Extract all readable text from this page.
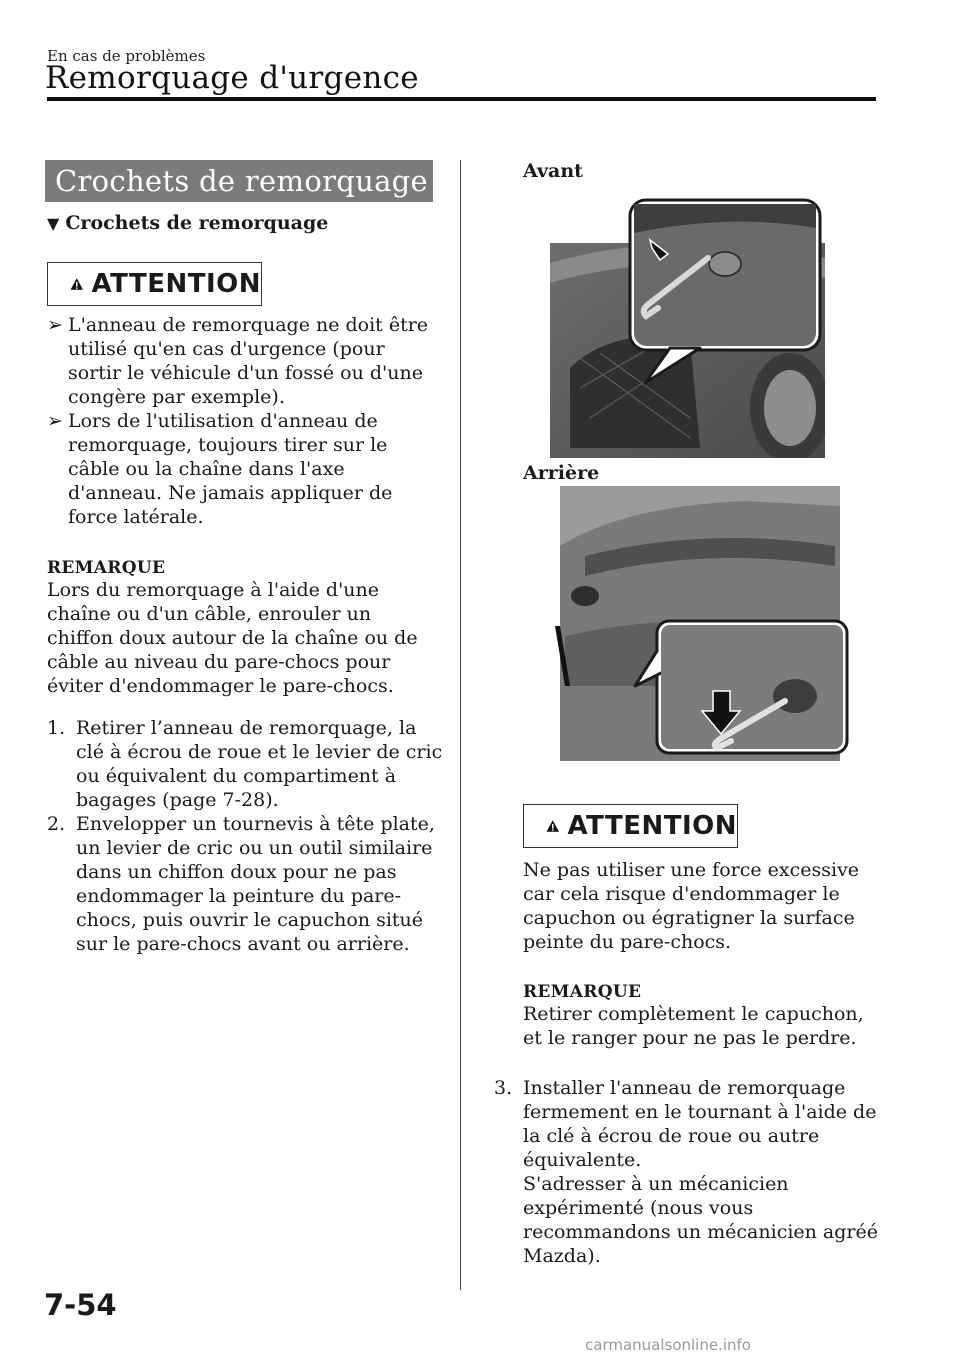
En cas de problèmes
Remorquage d'urgence
Crochets de remorquage
▼ Crochets de remorquage
ATTENTION
➢ L'anneau de remorquage ne doit être utilisé qu'en cas d'urgence (pour sortir le véhicule d'un fossé ou d'une congère par exemple).
➢ Lors de l'utilisation d'anneau de remorquage, toujours tirer sur le câble ou la chaîne dans l'axe d'anneau. Ne jamais appliquer de force latérale.
REMARQUE
Lors du remorquage à l'aide d'une chaîne ou d'un câble, enrouler un chiffon doux autour de la chaîne ou de câble au niveau du pare-chocs pour éviter d'endommager le pare-chocs.
1. Retirer l’anneau de remorquage, la clé à écrou de roue et le levier de cric ou équivalent du compartiment à bagages (page 7-28).
2. Envelopper un tournevis à tête plate, un levier de cric ou un outil similaire dans un chiffon doux pour ne pas endommager la peinture du pare-chocs, puis ouvrir le capuchon situé sur le pare-chocs avant ou arrière.
Avant
Arrière
ATTENTION
Ne pas utiliser une force excessive car cela risque d'endommager le capuchon ou égratigner la surface peinte du pare-chocs.
REMARQUE
Retirer complètement le capuchon, et le ranger pour ne pas le perdre.
3. Installer l'anneau de remorquage fermement en le tournant à l'aide de la clé à écrou de roue ou autre équivalente.
S'adresser à un mécanicien expérimenté (nous vous recommandons un mécanicien agréé Mazda).
7-54
carmanualsonline.info
